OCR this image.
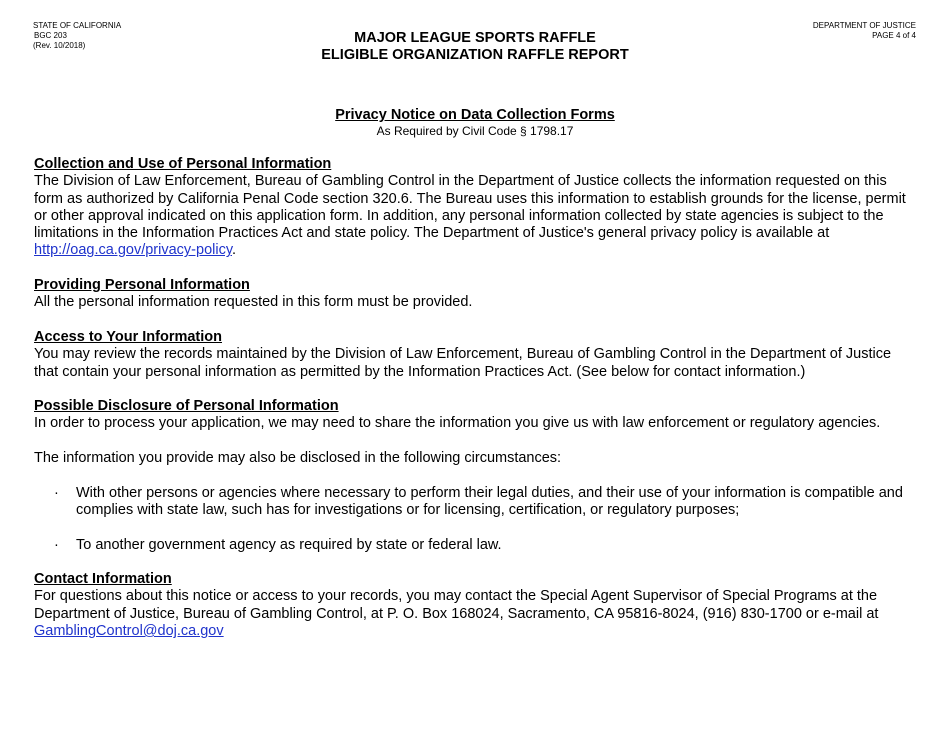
STATE OF CALIFORNIA
BGC 203
(Rev. 10/2018)	MAJOR LEAGUE SPORTS RAFFLE
ELIGIBLE ORGANIZATION RAFFLE REPORT
DEPARTMENT OF JUSTICE
PAGE 4 of 4
Privacy Notice on Data Collection Forms
As Required by Civil Code § 1798.17
Collection and Use of Personal Information

The Division of Law Enforcement, Bureau of Gambling Control in the Department of Justice collects the information requested on this form as authorized by California Penal Code section 320.6. The Bureau uses this information to establish grounds for the license, permit or other approval indicated on this application form. In addition, any personal information collected by state agencies is subject to the limitations in the Information Practices Act and state policy. The Department of Justice's general privacy policy is available at http://oag.ca.gov/privacy-policy.

Providing Personal Information

All the personal information requested in this form must be provided.

Access to Your Information

You may review the records maintained by the Division of Law Enforcement, Bureau of Gambling Control in the Department of Justice that contain your personal information as permitted by the Information Practices Act. (See below for contact information.)

Possible Disclosure of Personal Information

In order to process your application, we may need to share the information you give us with law enforcement or regulatory agencies.

The information you provide may also be disclosed in the following circumstances:

· With other persons or agencies where necessary to perform their legal duties, and their use of your information is compatible and complies with state law, such has for investigations or for licensing, certification, or regulatory purposes;
· To another government agency as required by state or federal law.
Contact Information

For questions about this notice or access to your records, you may contact the Special Agent Supervisor of Special Programs at the Department of Justice, Bureau of Gambling Control, at P. O. Box 168024, Sacramento, CA 95816-8024, (916) 830-1700 or e-mail at GamblingControl@doj.ca.gov
